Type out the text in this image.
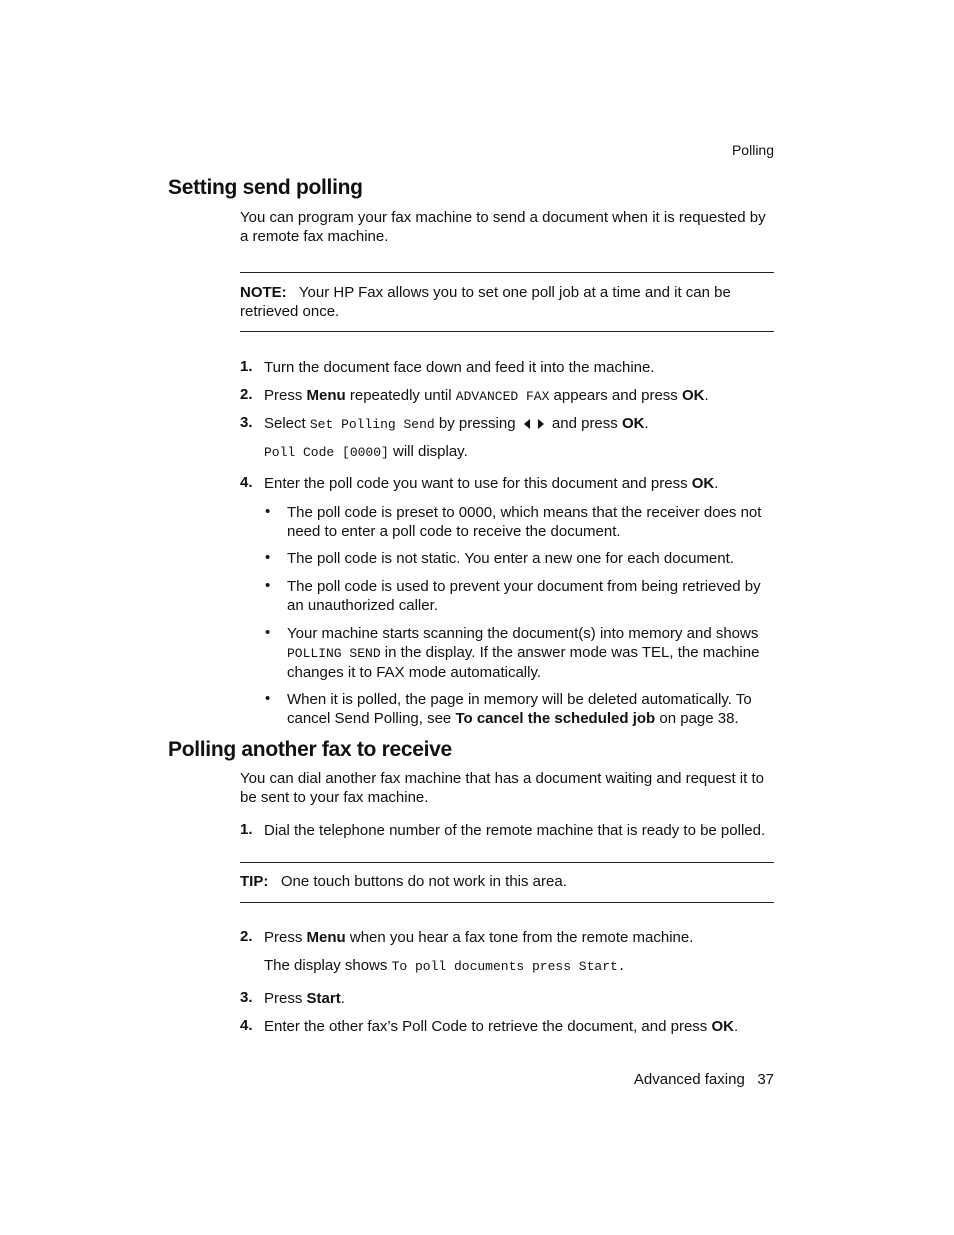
Polling
Setting send polling
You can program your fax machine to send a document when it is requested by a remote fax machine.
NOTE: Your HP Fax allows you to set one poll job at a time and it can be retrieved once.
1. Turn the document face down and feed it into the machine.
2. Press Menu repeatedly until ADVANCED FAX appears and press OK.
3. Select Set Polling Send by pressing  and press OK.
Poll Code [0000] will display.
4. Enter the poll code you want to use for this document and press OK.
• The poll code is preset to 0000, which means that the receiver does not need to enter a poll code to receive the document.
• The poll code is not static. You enter a new one for each document.
• The poll code is used to prevent your document from being retrieved by an unauthorized caller.
• Your machine starts scanning the document(s) into memory and shows POLLING SEND in the display. If the answer mode was TEL, the machine changes it to FAX mode automatically.
• When it is polled, the page in memory will be deleted automatically. To cancel Send Polling, see To cancel the scheduled job on page 38.
Polling another fax to receive
You can dial another fax machine that has a document waiting and request it to be sent to your fax machine.
1. Dial the telephone number of the remote machine that is ready to be polled.
TIP: One touch buttons do not work in this area.
2. Press Menu when you hear a fax tone from the remote machine.
The display shows To poll documents press Start.
3. Press Start.
4. Enter the other fax’s Poll Code to retrieve the document, and press OK.
Advanced faxing 37
